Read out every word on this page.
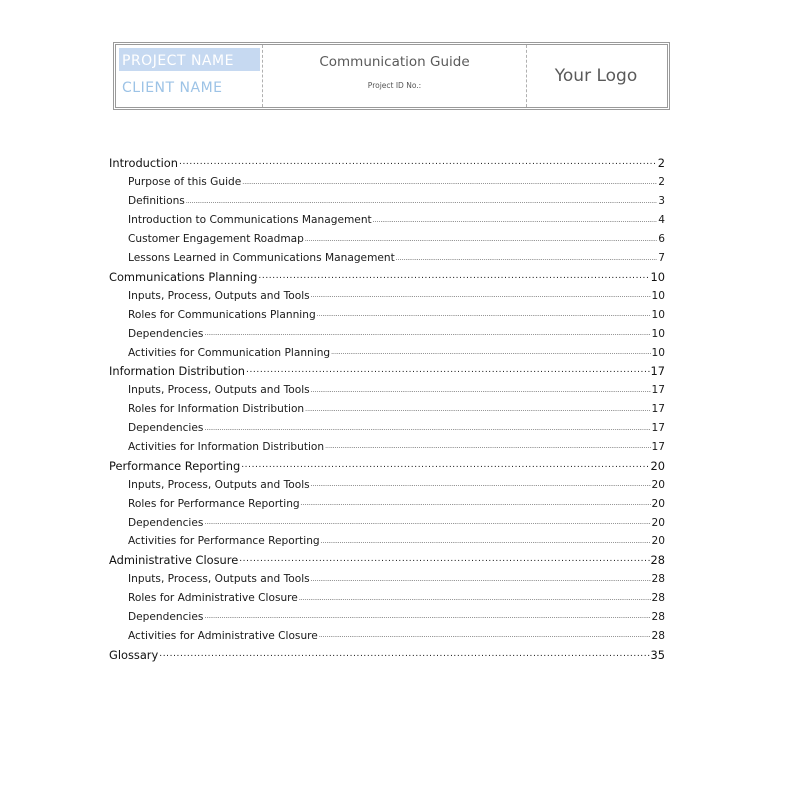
PROJECT NAME
CLIENT NAME
Communication Guide
Project ID No.:	Your Logo
Introduction .....	2
Purpose of this Guide .....	2
Definitions .....	3
Introduction to Communications Management .....	4
Customer Engagement Roadmap .....	6
Lessons Learned in Communications Management .....	7
Communications Planning .....	10
Inputs, Process, Outputs and Tools .....	10
Roles for Communications Planning .....	10
Dependencies .....	10
Activities for Communication Planning .....	10
Information Distribution .....	17
Inputs, Process, Outputs and Tools .....	17
Roles for Information Distribution .....	17
Dependencies .....	17
Activities for Information Distribution .....	17
Performance Reporting .....	20
Inputs, Process, Outputs and Tools .....	20
Roles for Performance Reporting .....	20
Dependencies .....	20
Activities for Performance Reporting .....	20
Administrative Closure .....	28
Inputs, Process, Outputs and Tools .....	28
Roles for Administrative Closure .....	28
Dependencies .....	28
Activities for Administrative Closure .....	28
Glossary .....	35
